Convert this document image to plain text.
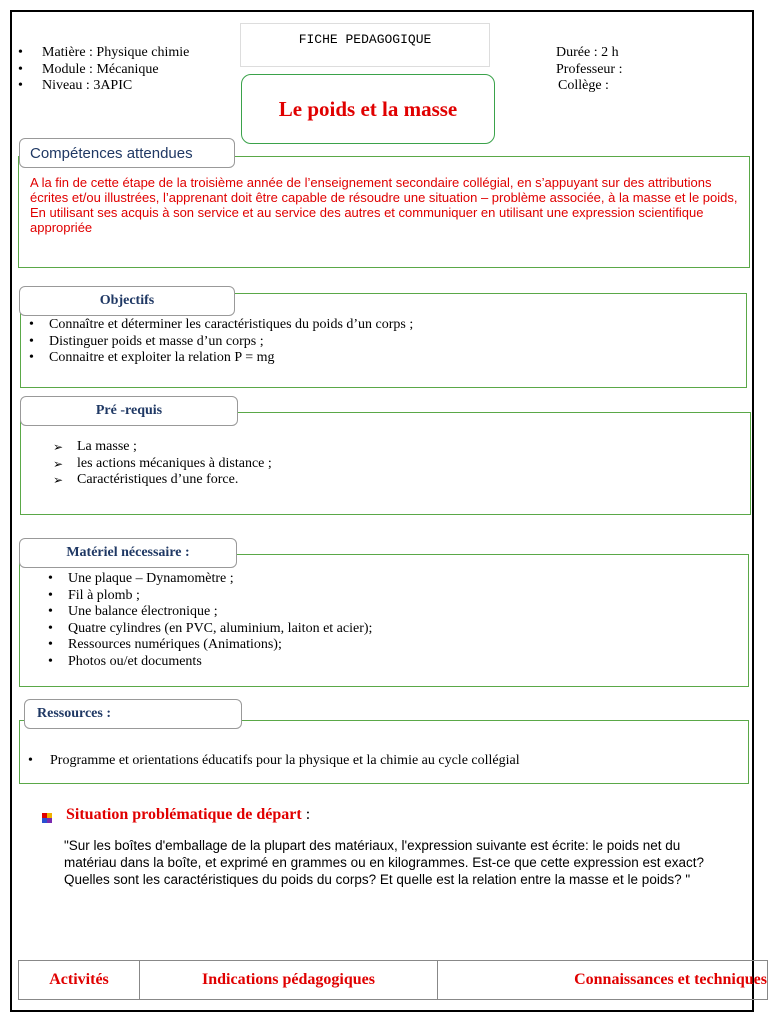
FICHE PEDAGOGIQUE
• Matière : Physique chimie
• Module : Mécanique
• Niveau : 3APIC
Durée : 2 h
Professeur :
Collège :
Le poids et la masse
Compétences attendues
A la fin de cette étape de la troisième année de l’enseignement secondaire collégial, en s’appuyant sur des attributions écrites et/ou illustrées, l’apprenant doit être capable de résoudre une situation – problème associée, à la masse et le poids, En utilisant ses acquis à son service et au service des autres et communiquer en utilisant une expression scientifique appropriée
Objectifs
• Connaître et déterminer les caractéristiques du poids d’un corps ;
• Distinguer poids et masse d’un corps ;
• Connaitre et exploiter la relation P = mg
Pré -requis
➢ La masse ;
➢ les actions mécaniques à distance ;
➢ Caractéristiques d’une force.
Matériel nécessaire :
• Une plaque – Dynamomètre ;
• Fil à plomb ;
• Une balance électronique ;
• Quatre cylindres (en PVC, aluminium, laiton et acier);
• Ressources numériques (Animations);
• Photos ou/et documents
Ressources :
• Programme et orientations éducatifs pour la physique et la chimie au cycle collégial
Situation problématique de départ :
"Sur les boîtes d'emballage de la plupart des matériaux, l'expression suivante est écrite: le poids net du matériau dans la boîte, et exprimé en grammes ou en kilogrammes. Est-ce que cette expression est exact? Quelles sont les caractéristiques du poids du corps? Et quelle est la relation entre la masse et le poids? "
Activités	Indications pédagogiques	Connaissances et techniques
